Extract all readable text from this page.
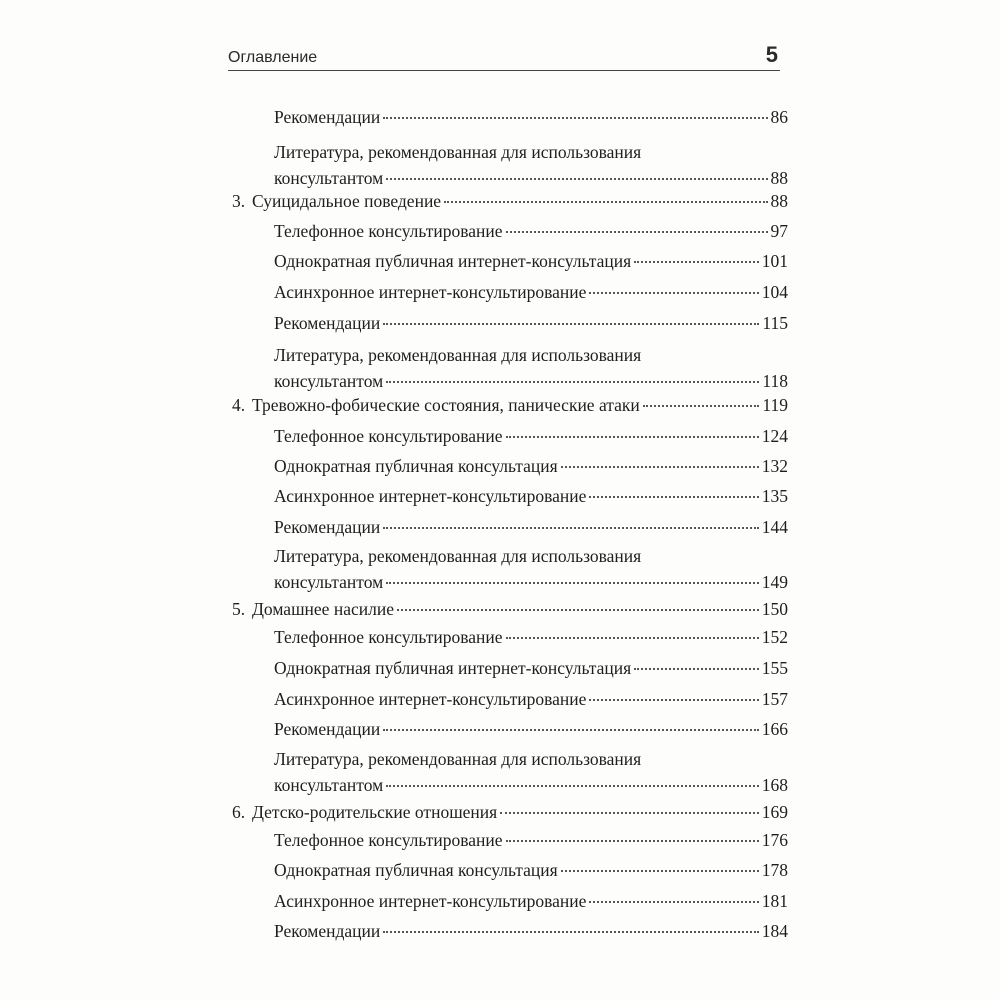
Оглавление	5
Рекомендации	86
Литература, рекомендованная для использования
консультантом	88
3. Суицидальное поведение	88
Телефонное консультирование	97
Однократная публичная интернет-консультация	101
Асинхронное интернет-консультирование	104
Рекомендации	115
Литература, рекомендованная для использования
консультантом	118
4. Тревожно-фобические состояния, панические атаки	119
Телефонное консультирование	124
Однократная публичная консультация	132
Асинхронное интернет-консультирование	135
Рекомендации	144
Литература, рекомендованная для использования
консультантом	149
5. Домашнее насилие	150
Телефонное консультирование	152
Однократная публичная интернет-консультация	155
Асинхронное интернет-консультирование	157
Рекомендации	166
Литература, рекомендованная для использования
консультантом	168
6. Детско-родительские отношения	169
Телефонное консультирование	176
Однократная публичная консультация	178
Асинхронное интернет-консультирование	181
Рекомендации	184
